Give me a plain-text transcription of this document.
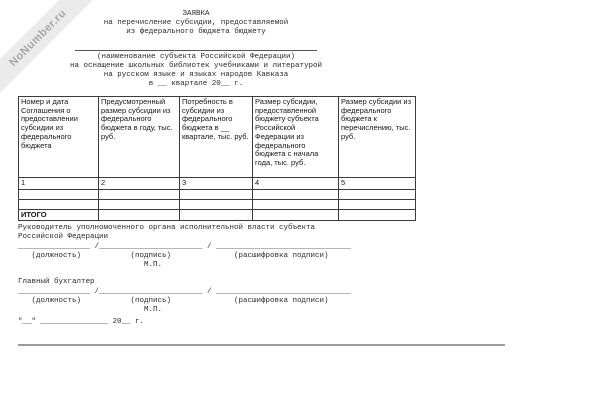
NoNumber.ru	ЗАЯВКА
на перечисление субсидии, предоставляемой
из федерального бюджета бюджету
(наименование субъекта Российской Федерации)
на оснащение школьных библиотек учебниками и литературой
на русском языке и языках народов Кавказа
в __ квартале 20__ г.
Номер и дата Соглашения о предоставлении субсидии из федерального бюджета	Предусмотренный размер субсидии из федерального бюджета в году, тыс. руб.	Потребность в субсидии из федерального бюджета в __ квартале, тыс. руб.	Размер субсидии, предоставленной бюджету субъекта Российской Федерации из федерального бюджета с начала года, тыс. руб.	Размер субсидии из федерального бюджета к перечислению, тыс. руб.
1	2	3	4	5

ИТОГО				
Руководитель уполномоченного органа исполнительной власти субъекта
Российской Федерации
________________ /_______________________ / ______________________________
(должность)           (подпись)              (расшифровка подписи)
М.П.
Главный бухгалтер
________________ /_______________________ / ______________________________
(должность)           (подпись)              (расшифровка подписи)
М.П.
"__" _______________ 20__ г.
